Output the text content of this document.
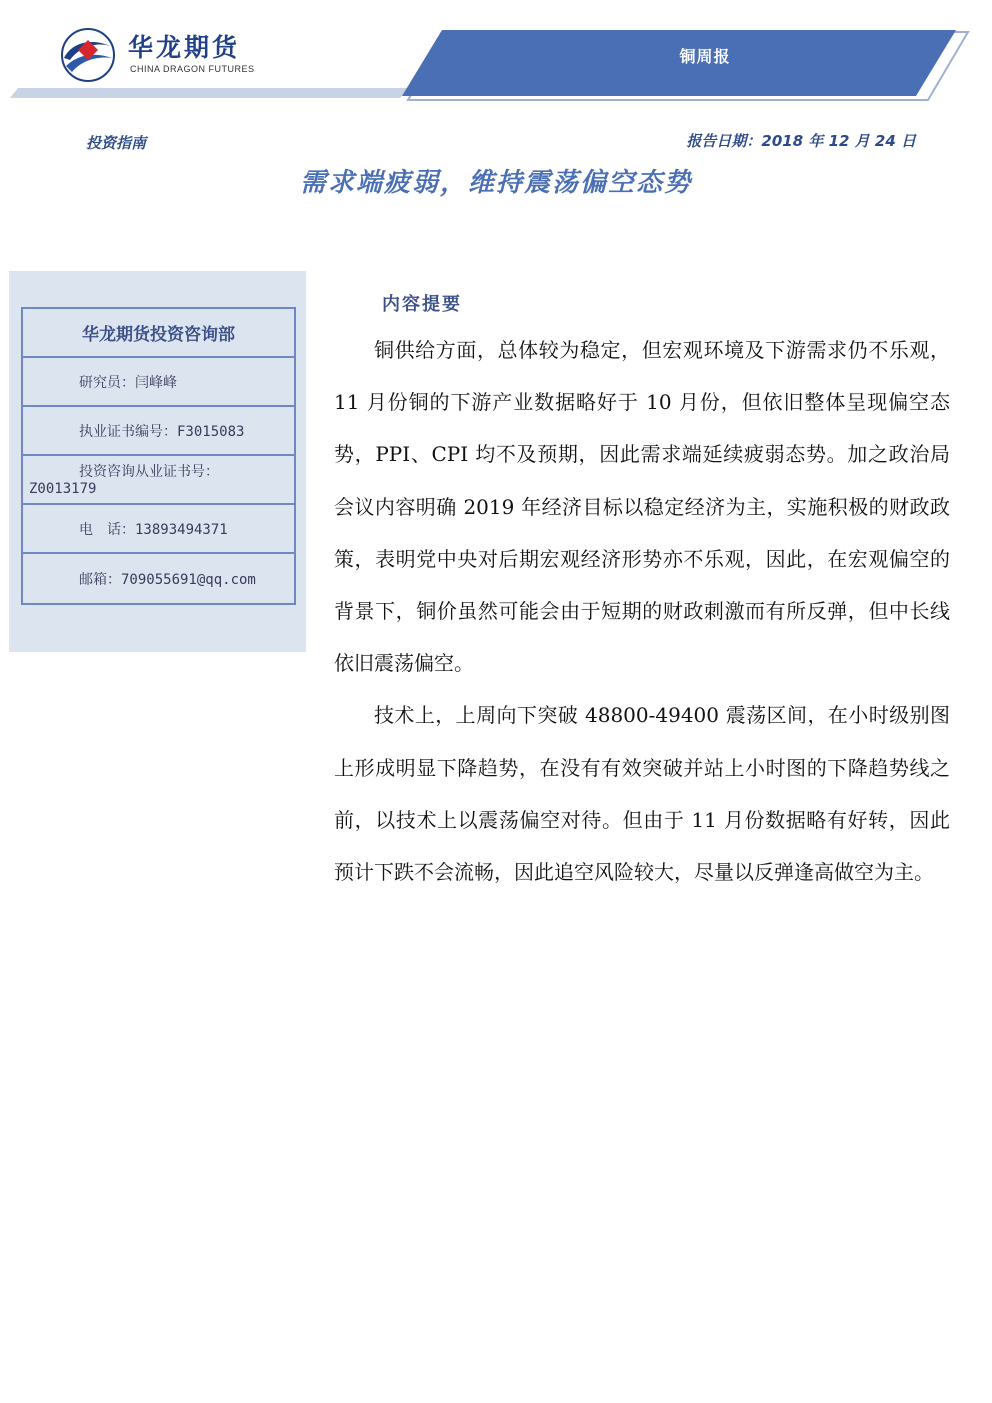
华龙期货
CHINA DRAGON FUTURES
铜周报
投资指南	报告日期：2018 年 12 月 24 日
需求端疲弱，维持震荡偏空态势
华龙期货投资咨询部
研究员：闫峰峰
执业证书编号：F3015083
投资咨询从业证书号：
Z0013179
电　话：13893494371
邮箱：709055691@qq.com
内容提要

铜供给方面，总体较为稳定，但宏观环境及下游需求仍不乐观，11 月份铜的下游产业数据略好于 10 月份，但依旧整体呈现偏空态势，PPI、CPI 均不及预期，因此需求端延续疲弱态势。加之政治局会议内容明确 2019 年经济目标以稳定经济为主，实施积极的财政政策，表明党中央对后期宏观经济形势亦不乐观，因此，在宏观偏空的背景下，铜价虽然可能会由于短期的财政刺激而有所反弹，但中长线依旧震荡偏空。

技术上，上周向下突破 48800-49400 震荡区间，在小时级别图上形成明显下降趋势，在没有有效突破并站上小时图的下降趋势线之前，以技术上以震荡偏空对待。但由于 11 月份数据略有好转，因此预计下跌不会流畅，因此追空风险较大，尽量以反弹逢高做空为主。
